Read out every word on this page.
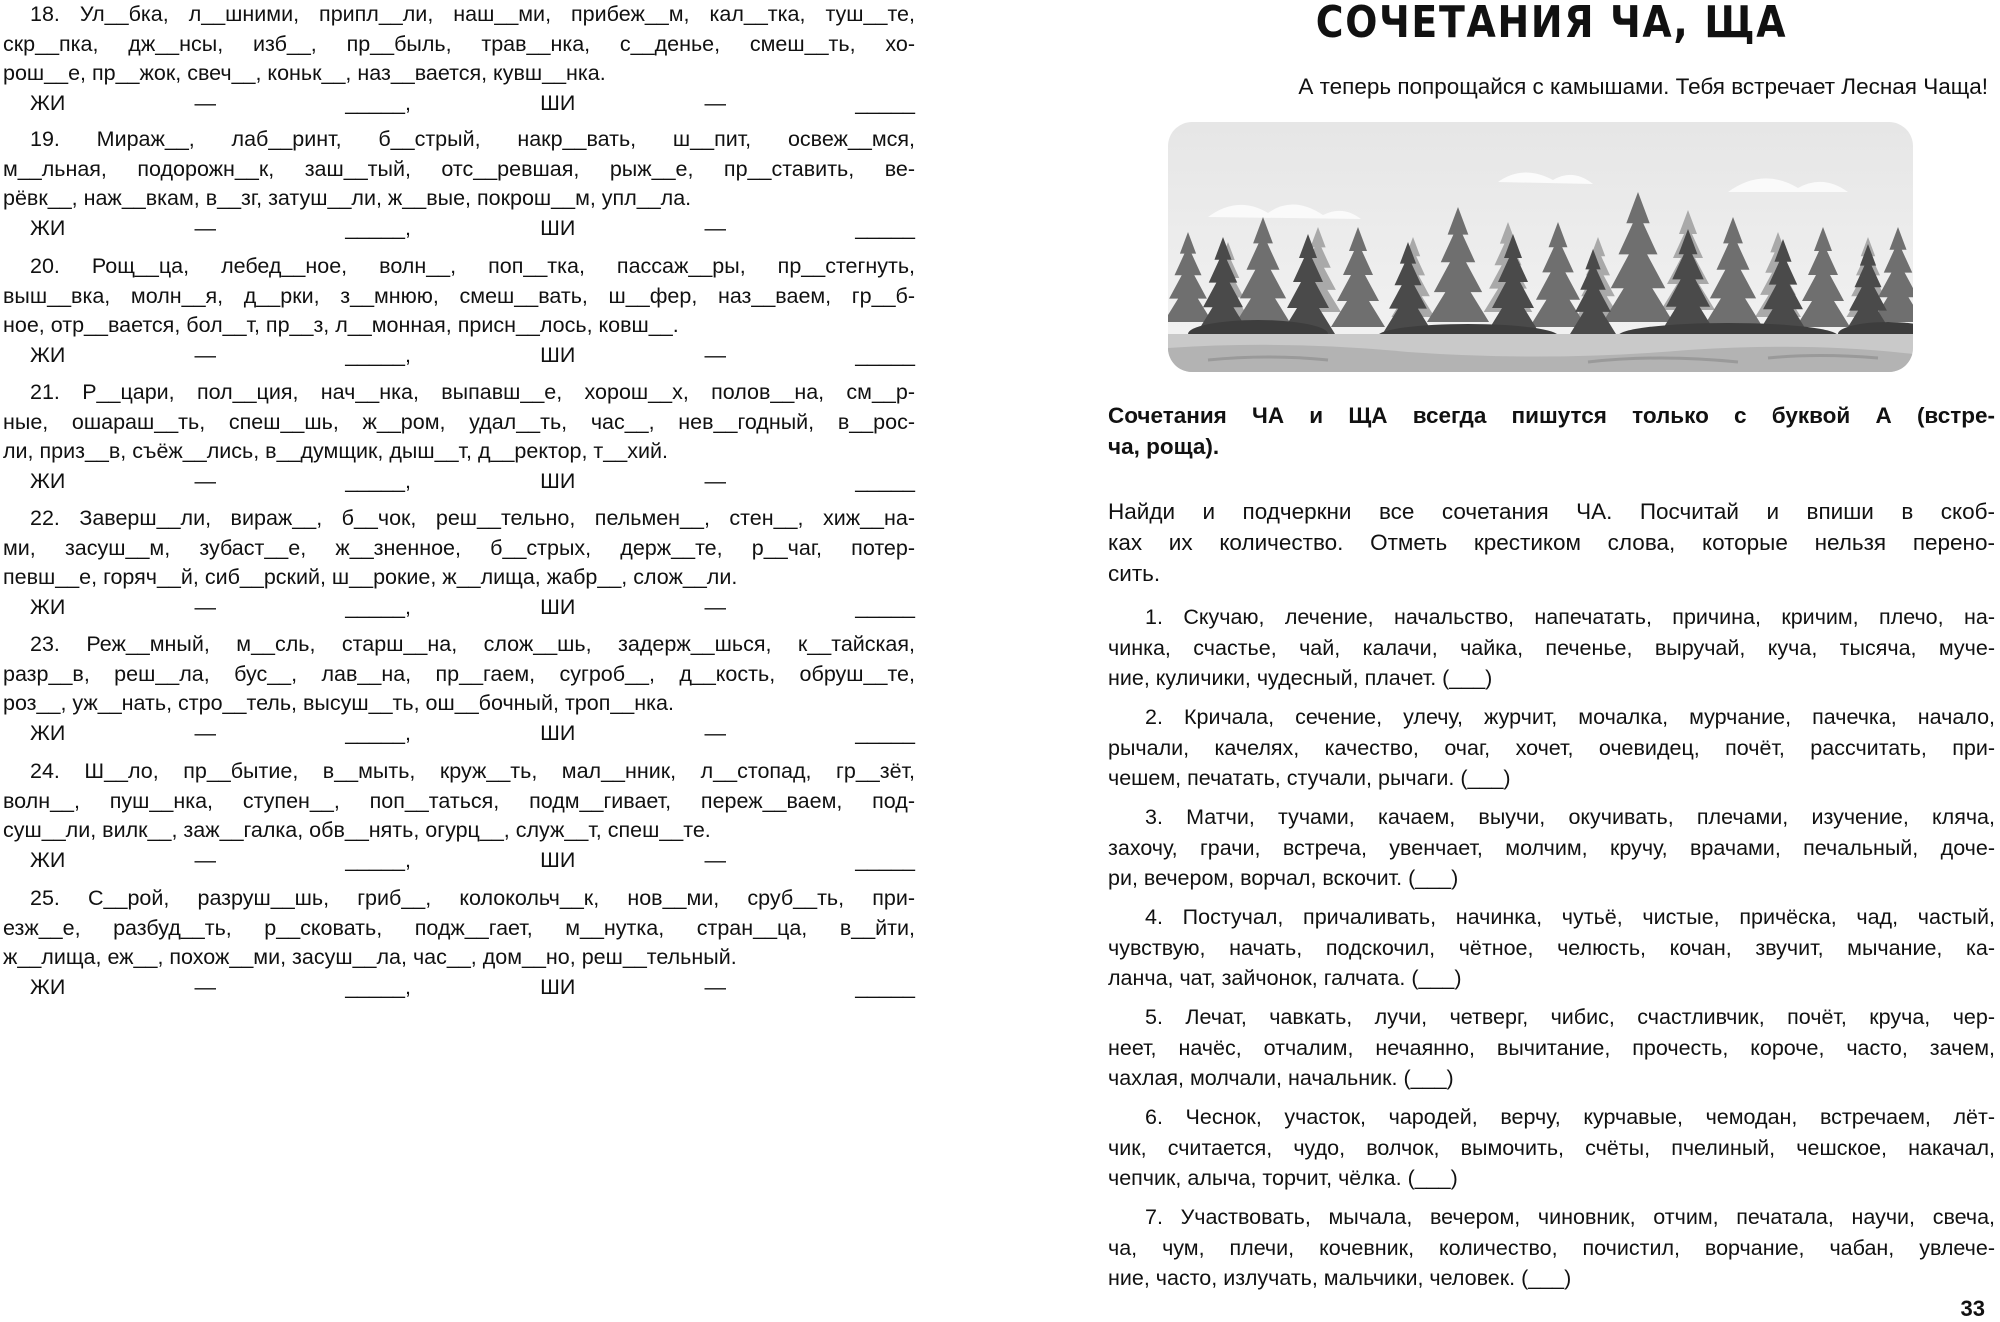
18. Ул__бка, л__шними, припл__ли, наш__ми, прибеж__м, кал__тка, туш__те,

скр__пка, дж__нсы, изб__, пр__быль, трав__нка, с__денье, смеш__ть, хо-

рош__е, пр__жок, свеч__, коньк__, наз__вается, кувш__нка.

ЖИ — _____, ШИ — _____

19. Мираж__, лаб__ринт, б__стрый, накр__вать, ш__пит, освеж__мся,

м__льная, подорожн__к, заш__тый, отс__ревшая, рыж__е, пр__ставить, ве-

рёвк__, наж__вкам, в__зг, затуш__ли, ж__вые, покрош__м, упл__ла.

ЖИ — _____, ШИ — _____

20. Рощ__ца, лебед__ное, волн__, поп__тка, пассаж__ры, пр__стегнуть,

выш__вка, молн__я, д__рки, з__мнюю, смеш__вать, ш__фер, наз__ваем, гр__б-

ное, отр__вается, бол__т, пр__з, л__монная, присн__лось, ковш__.

ЖИ — _____, ШИ — _____

21. Р__цари, пол__ция, нач__нка, выпавш__е, хорош__х, полов__на, см__р-

ные, ошараш__ть, спеш__шь, ж__ром, удал__ть, час__, нев__годный, в__рос-

ли, приз__в, съёж__лись, в__думщик, дыш__т, д__ректор, т__хий.

ЖИ — _____, ШИ — _____

22. Заверш__ли, вираж__, б__чок, реш__тельно, пельмен__, стен__, хиж__на-

ми, засуш__м, зубаст__е, ж__зненное, б__стрых, держ__те, р__чаг, потер-

певш__е, горяч__й, сиб__рский, ш__рокие, ж__лища, жабр__, слож__ли.

ЖИ — _____, ШИ — _____

23. Реж__мный, м__сль, старш__на, слож__шь, задерж__шься, к__тайская,

разр__в, реш__ла, бус__, лав__на, пр__гаем, сугроб__, д__кость, обруш__те,

роз__, уж__нать, стро__тель, высуш__ть, ош__бочный, троп__нка.

ЖИ — _____, ШИ — _____

24. Ш__ло, пр__бытие, в__мыть, круж__ть, мал__нник, л__стопад, гр__зёт,

волн__, пуш__нка, ступен__, поп__таться, подм__гивает, переж__ваем, под-

суш__ли, вилк__, заж__галка, обв__нять, огурц__, служ__т, спеш__те.

ЖИ — _____, ШИ — _____

25. С__рой, разруш__шь, гриб__, колокольч__к, нов__ми, сруб__ть, при-

езж__е, разбуд__ть, р__сковать, подж__гает, м__нутка, стран__ца, в__йти,

ж__лища, еж__, похож__ми, засуш__ла, час__, дом__но, реш__тельный.

ЖИ — _____, ШИ — _____

СОЧЕТАНИЯ ЧА, ЩА
А теперь попрощайся с камышами. Тебя встречает Лесная Чаща!
Сочетания ЧА и ЩА всегда пишутся только с буквой А (встре-
ча, роща).
Найди и подчеркни все сочетания ЧА. Посчитай и впиши в скоб-
ках их количество. Отметь крестиком слова, которые нельзя перено-
сить.

1. Скучаю, лечение, начальство, напечатать, причина, кричим, плечо, на-

чинка, счастье, чай, калачи, чайка, печенье, выручай, куча, тысяча, муче-

ние, куличики, чудесный, плачет. (___)

2. Кричала, сечение, улечу, журчит, мочалка, мурчание, пачечка, начало,

рычали, качелях, качество, очаг, хочет, очевидец, почёт, рассчитать, при-

чешем, печатать, стучали, рычаги. (___)

3. Матчи, тучами, качаем, выучи, окучивать, плечами, изучение, кляча,

захочу, грачи, встреча, увенчает, молчим, кручу, врачами, печальный, доче-

ри, вечером, ворчал, вскочит. (___)

4. Постучал, причаливать, начинка, чутьё, чистые, причёска, чад, частый,

чувствую, начать, подскочил, чётное, челюсть, кочан, звучит, мычание, ка-

ланча, чат, зайчонок, галчата. (___)

5. Лечат, чавкать, лучи, четверг, чибис, счастливчик, почёт, круча, чер-

неет, начёс, отчалим, нечаянно, вычитание, прочесть, короче, часто, зачем,

чахлая, молчали, начальник. (___)

6. Чеснок, участок, чародей, верчу, курчавые, чемодан, встречаем, лёт-

чик, считается, чудо, волчок, вымочить, счёты, пчелиный, чешское, накачал,

чепчик, алыча, торчит, чёлка. (___)

7. Участвовать, мычала, вечером, чиновник, отчим, печатала, научи, свеча,

ча, чум, плечи, кочевник, количество, почистил, ворчание, чабан, увлече-

ние, часто, излучать, мальчики, человек. (___)

33
